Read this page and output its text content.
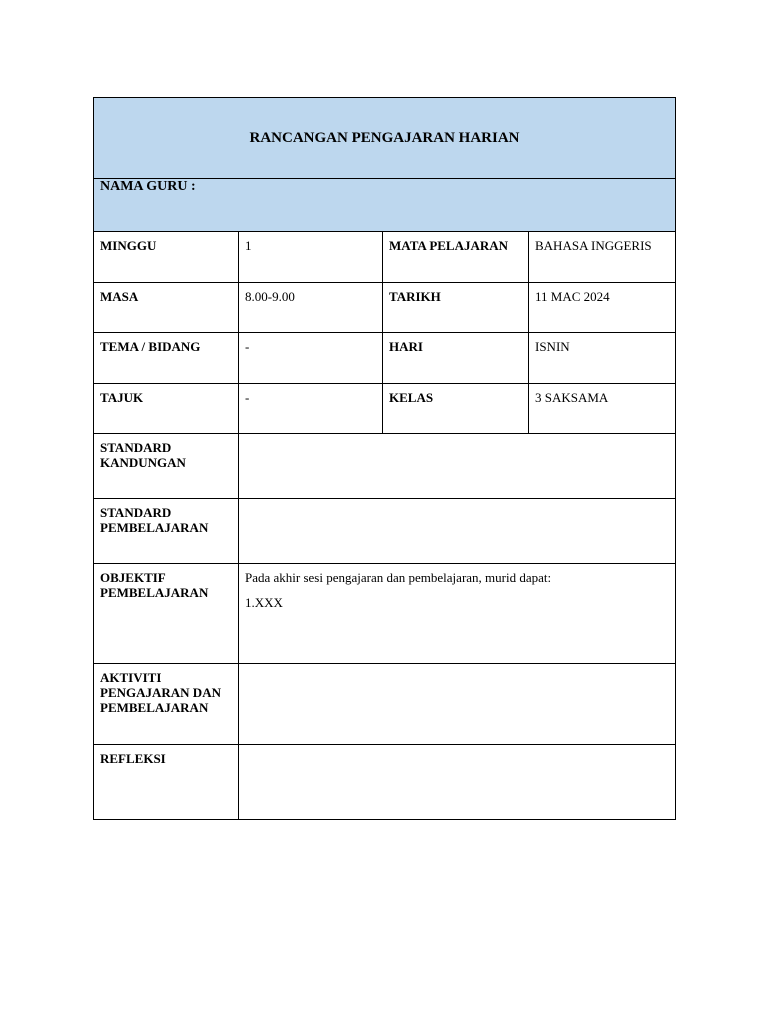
RANCANGAN PENGAJARAN HARIAN			
NAMA GURU :			
MINGGU	1	MATA PELAJARAN	BAHASA INGGERIS
MASA	8.00-9.00	TARIKH	11 MAC 2024
TEMA / BIDANG	-	HARI	ISNIN
TAJUK	-	KELAS	3 SAKSAMA
STANDARD KANDUNGAN			
STANDARD PEMBELAJARAN			
OBJEKTIF PEMBELAJARAN	Pada akhir sesi pengajaran dan pembelajaran, murid dapat:
1.XXX		

AKTIVITI PENGAJARAN DAN PEMBELAJARAN			
REFLEKSI			
